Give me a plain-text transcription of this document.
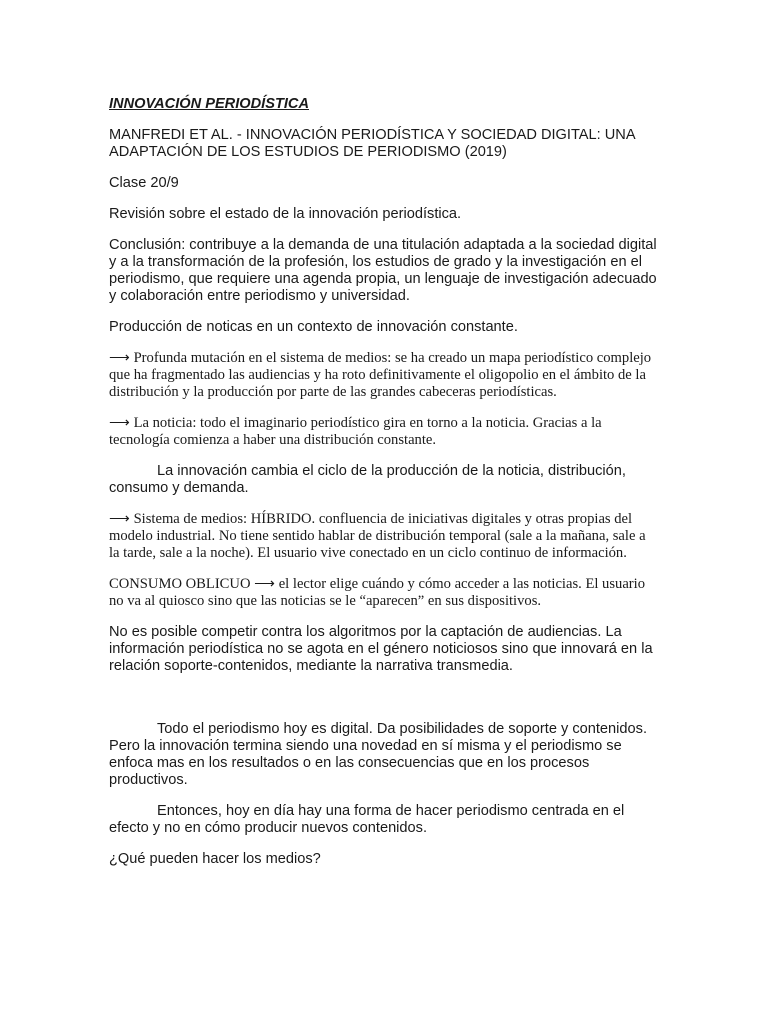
INNOVACIÓN PERIODÍSTICA

MANFREDI ET AL. - INNOVACIÓN PERIODÍSTICA Y SOCIEDAD DIGITAL: UNA ADAPTACIÓN DE LOS ESTUDIOS DE PERIODISMO (2019)

Clase 20/9

Revisión sobre el estado de la innovación periodística.

Conclusión: contribuye a la demanda de una titulación adaptada a la sociedad digital y a la transformación de la profesión, los estudios de grado y la investigación en el periodismo, que requiere una agenda propia, un lenguaje de investigación adecuado y colaboración entre periodismo y universidad.

Producción de noticas en un contexto de innovación constante.

⟶ Profunda mutación en el sistema de medios: se ha creado un mapa periodístico complejo que ha fragmentado las audiencias y ha roto definitivamente el oligopolio en el ámbito de la distribución y la producción por parte de las grandes cabeceras periodísticas.

⟶ La noticia: todo el imaginario periodístico gira en torno a la noticia. Gracias a la tecnología comienza a haber una distribución constante.

La innovación cambia el ciclo de la producción de la noticia, distribución, consumo y demanda.

⟶ Sistema de medios: HÍBRIDO. confluencia de iniciativas digitales y otras propias del modelo industrial. No tiene sentido hablar de distribución temporal (sale a la mañana, sale a la tarde, sale a la noche). El usuario vive conectado en un ciclo continuo de información.

CONSUMO OBLICUO ⟶ el lector elige cuándo y cómo acceder a las noticias. El usuario no va al quiosco sino que las noticias se le “aparecen” en sus dispositivos.

No es posible competir contra los algoritmos por la captación de audiencias. La información periodística no se agota en el género noticiosos sino que innovará en la relación soporte-contenidos, mediante la narrativa transmedia.

Todo el periodismo hoy es digital. Da posibilidades de soporte y contenidos. Pero la innovación termina siendo una novedad en sí misma y el periodismo se enfoca mas en los resultados o en las consecuencias que en los procesos productivos.

Entonces, hoy en día hay una forma de hacer periodismo centrada en el efecto y no en cómo producir nuevos contenidos.

¿Qué pueden hacer los medios?
